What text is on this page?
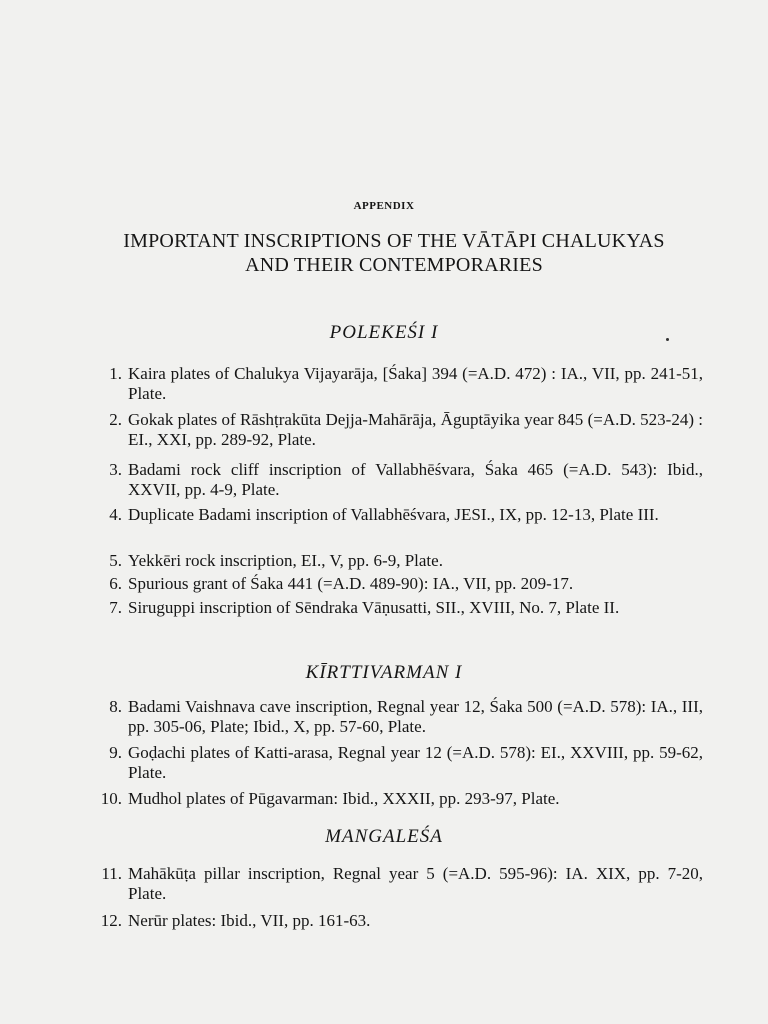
APPENDIX
IMPORTANT INSCRIPTIONS OF THE VĀTĀPI CHALUKYAS
AND THEIR CONTEMPORARIES
POLEKEŚI I
1. Kaira plates of Chalukya Vijayarāja, [Śaka] 394 (=A.D. 472) : IA., VII, pp. 241-51, Plate.
2. Gokak plates of Rāshṭrakūta Dejja-Mahārāja, Āguptāyika year 845 (=A.D. 523-24) : EI., XXI, pp. 289-92, Plate.
3. Badami rock cliff inscription of Vallabhēśvara, Śaka 465 (=A.D. 543): Ibid., XXVII, pp. 4-9, Plate.
4. Duplicate Badami inscription of Vallabhēśvara, JESI., IX, pp. 12-13, Plate III.
5. Yekkēri rock inscription, EI., V, pp. 6-9, Plate.
6. Spurious grant of Śaka 441 (=A.D. 489-90): IA., VII, pp. 209-17.
7. Siruguppi inscription of Sēndraka Vāṇusatti, SII., XVIII, No. 7, Plate II.
KĪRTTIVARMAN I
8. Badami Vaishnava cave inscription, Regnal year 12, Śaka 500 (=A.D. 578): IA., III, pp. 305-06, Plate; Ibid., X, pp. 57-60, Plate.
9. Goḍachi plates of Katti-arasa, Regnal year 12 (=A.D. 578): EI., XXVIII, pp. 59-62, Plate.
10. Mudhol plates of Pūgavarman: Ibid., XXXII, pp. 293-97, Plate.
MANGALEŚA
11. Mahākūṭa pillar inscription, Regnal year 5 (=A.D. 595-96): IA. XIX, pp. 7-20, Plate.
12. Nerūr plates: Ibid., VII, pp. 161-63.
